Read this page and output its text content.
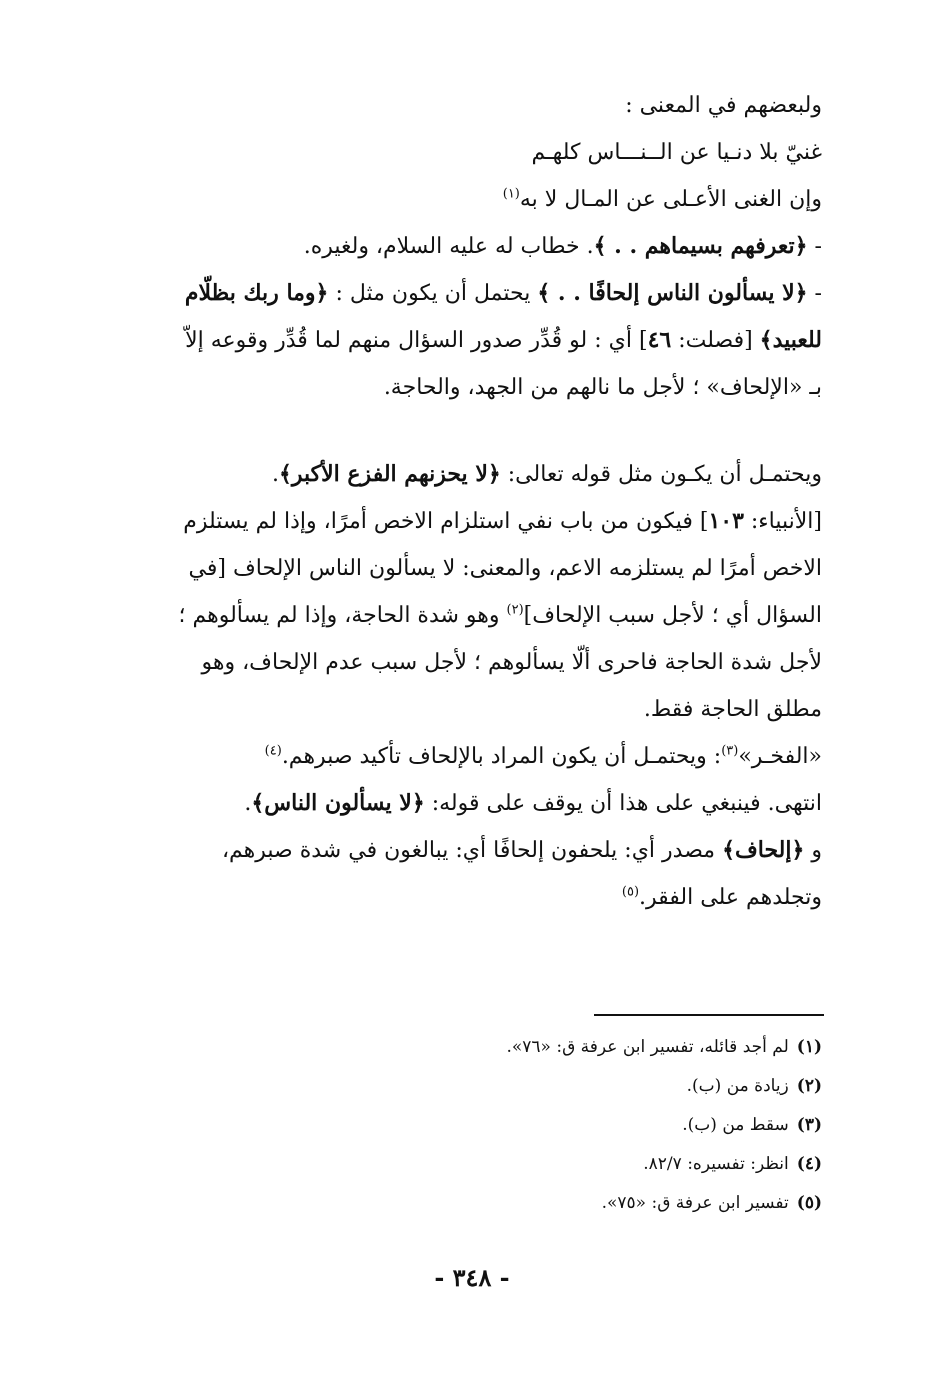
ولبعضهم في المعنى :
غنيّ بلا دنـيا عن الــنـــاس كلهـم
وإن الغنى الأعـلى عن المـال لا به$^{(١)}$
- ﴿تعرفهم بسيماهم . . ﴾. خطاب له عليه السلام، ولغيره.
- ﴿لا يسألون الناس إلحافًا . . ﴾ يحتمل أن يكون مثل : ﴿وما ربك بظلّام
للعبيد﴾ [فصلت: ٤٦] أي : لو قُدِّر صدور السؤال منهم لما قُدِّر وقوعه إلاّ
بـ «الإلحاف» ؛ لأجل ما نالهم من الجهد، والحاجة.
ويحتمـل أن يكـون مثل قوله تعالى: ﴿لا يحزنهم الفزع الأكبر﴾.
[الأنبياء: ١٠٣] فيكون من باب نفي استلزام الاخص أمرًا، وإذا لم يستلزم
الاخص أمرًا لم يستلزمه الاعم، والمعنى: لا يسألون الناس الإلحاف [في
السؤال أي ؛ لأجل سبب الإلحاف]$^{(٢)}$ وهو شدة الحاجة، وإذا لم يسألوهم ؛
لأجل شدة الحاجة فاحرى ألّا يسألوهم ؛ لأجل سبب عدم الإلحاف، وهو
مطلق الحاجة فقط.
«الفخـر»$^{(٣)}$: ويحتمـل أن يكون المراد بالإلحاف تأكيد صبرهم.$^{(٤)}$
انتهى. فينبغي على هذا أن يوقف على قوله: ﴿لا يسألون الناس﴾.
و ﴿إلحاف﴾ مصدر أي: يلحفون إلحافًا أي: يبالغون في شدة صبرهم،
وتجلدهم على الفقر.$^{(٥)}$
(١)لم أجد قائله، تفسير ابن عرفة ق: «٧٦».
(٢)زيادة من (ب).
(٣)سقط من (ب).
(٤)انظر: تفسيره: ٨٢/٧.
(٥)تفسير ابن عرفة ق: «٧٥».
- ٣٤٨ -
